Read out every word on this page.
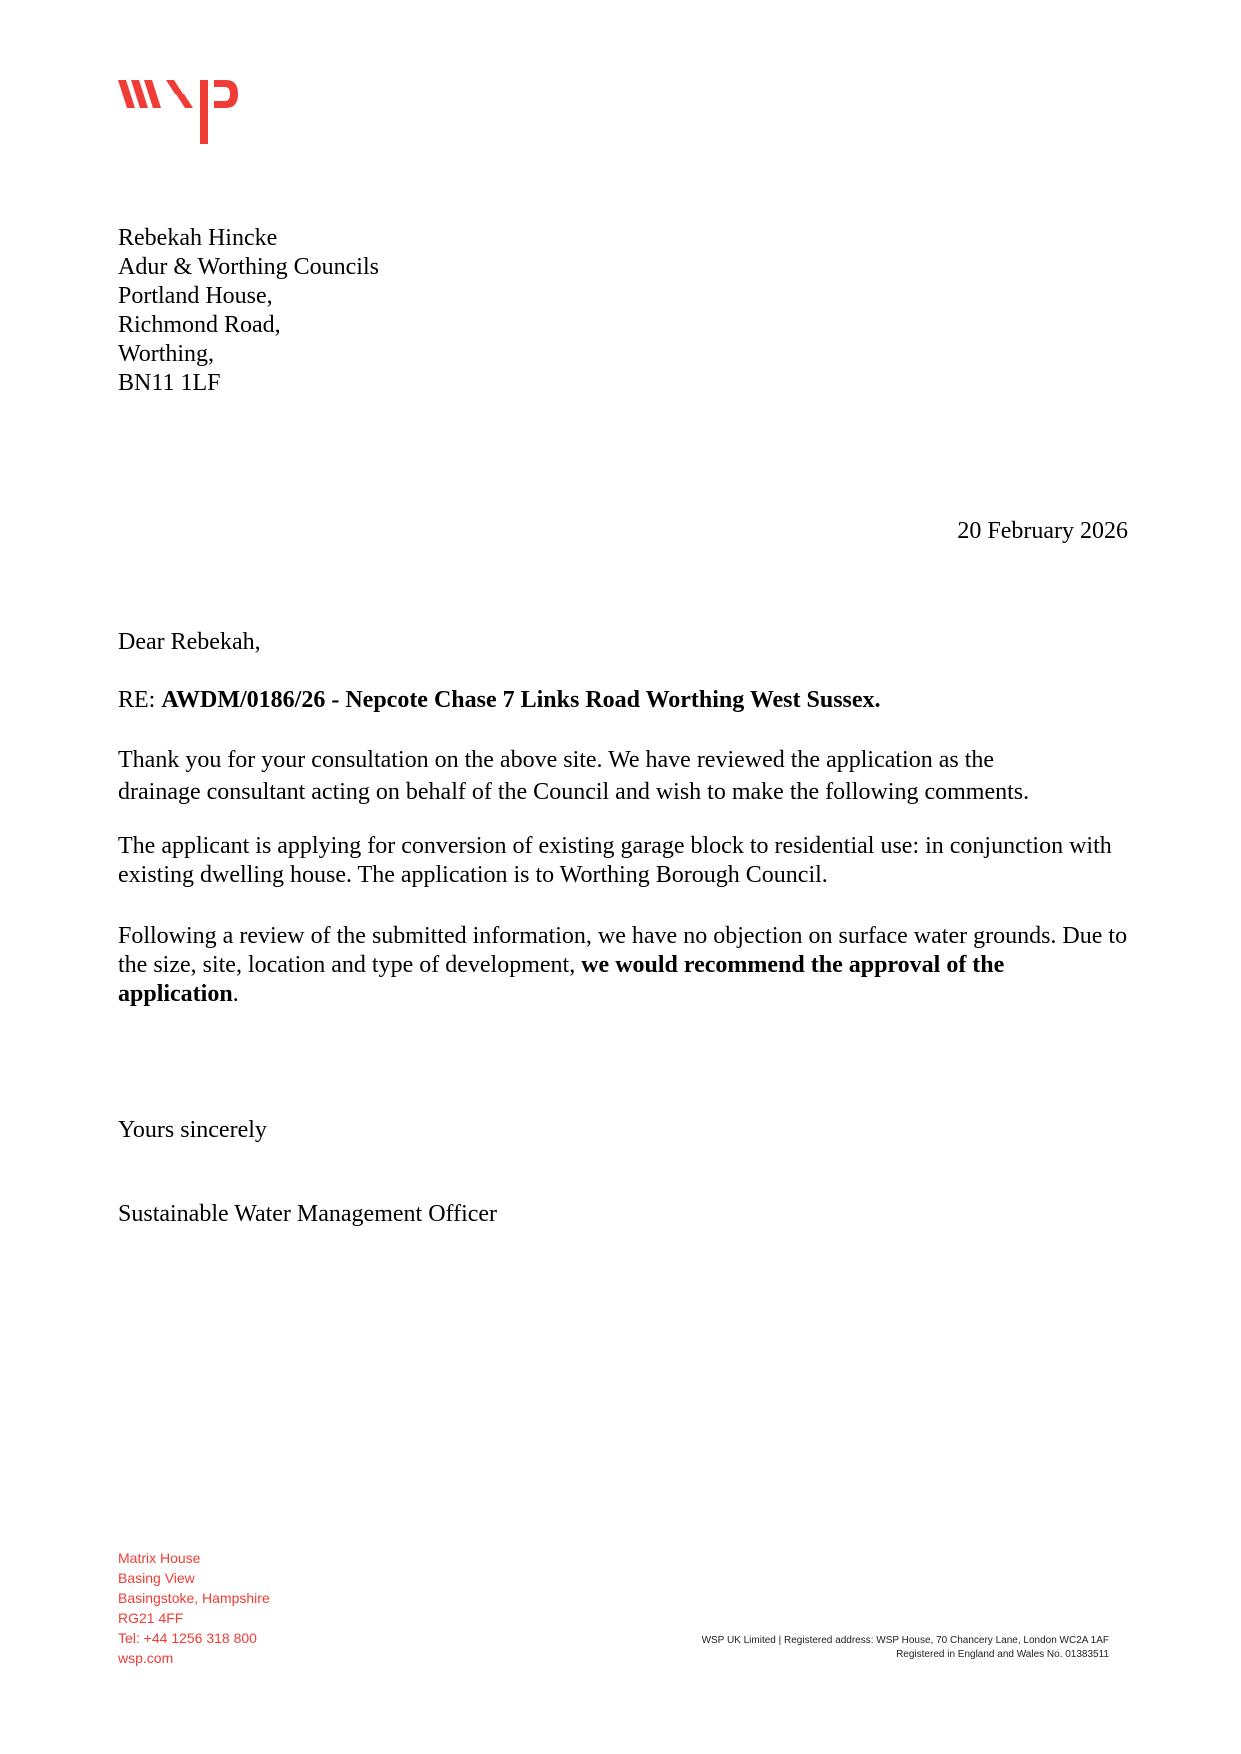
Rebekah Hincke
Adur & Worthing Councils
Portland House,
Richmond Road,
Worthing,
BN11 1LF
20 February 2026
Dear Rebekah,
RE: AWDM/0186/26 - Nepcote Chase 7 Links Road Worthing West Sussex.
Thank you for your consultation on the above site. We have reviewed the application as the
drainage consultant acting on behalf of the Council and wish to make the following comments.
The applicant is applying for conversion of existing garage block to residential use: in conjunction with existing dwelling house. The application is to Worthing Borough Council.
Following a review of the submitted information, we have no objection on surface water grounds. Due to the size, site, location and type of development, we would recommend the approval of the application.
Yours sincerely
Sustainable Water Management Officer
Matrix House
Basing View
Basingstoke, Hampshire
RG21 4FF
Tel: +44 1256 318 800
wsp.com
WSP UK Limited | Registered address: WSP House, 70 Chancery Lane, London WC2A 1AF
Registered in England and Wales No. 01383511
